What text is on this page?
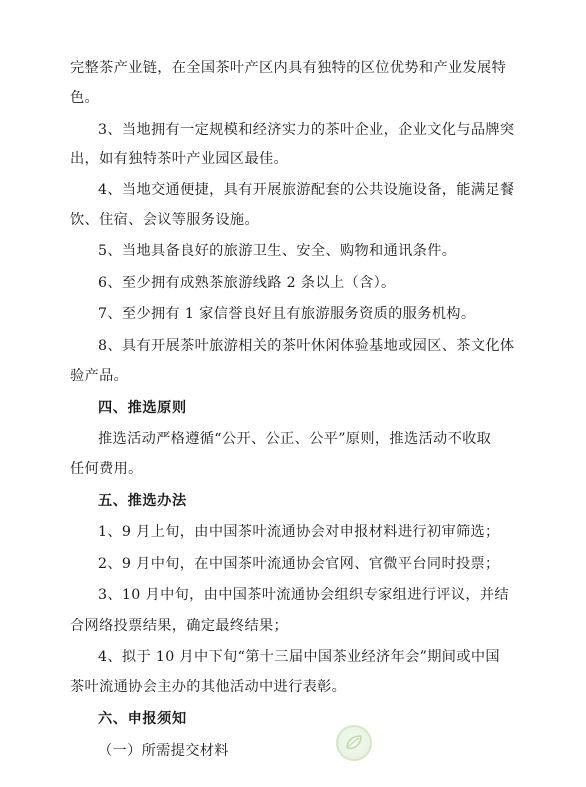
完整茶产业链，在全国茶叶产区内具有独特的区位优势和产业发展特
色。
3、当地拥有一定规模和经济实力的茶叶企业，企业文化与品牌突
出，如有独特茶叶产业园区最佳。
4、当地交通便捷，具有开展旅游配套的公共设施设备，能满足餐
饮、住宿、会议等服务设施。
5、当地具备良好的旅游卫生、安全、购物和通讯条件。
6、至少拥有成熟茶旅游线路 2 条以上（含）。
7、至少拥有 1 家信誉良好且有旅游服务资质的服务机构。
8、具有开展茶叶旅游相关的茶叶休闲体验基地或园区、茶文化体
验产品。
四、推选原则
推选活动严格遵循“公开、公正、公平”原则，推选活动不收取
任何费用。
五、推选办法
1、9 月上旬，由中国茶叶流通协会对申报材料进行初审筛选；
2、9 月中旬，在中国茶叶流通协会官网、官微平台同时投票；
3、10 月中旬，由中国茶叶流通协会组织专家组进行评议，并结
合网络投票结果，确定最终结果；
4、拟于 10 月中下旬“第十三届中国茶业经济年会”期间或中国
茶叶流通协会主办的其他活动中进行表彰。
六、申报须知
（一）所需提交材料
